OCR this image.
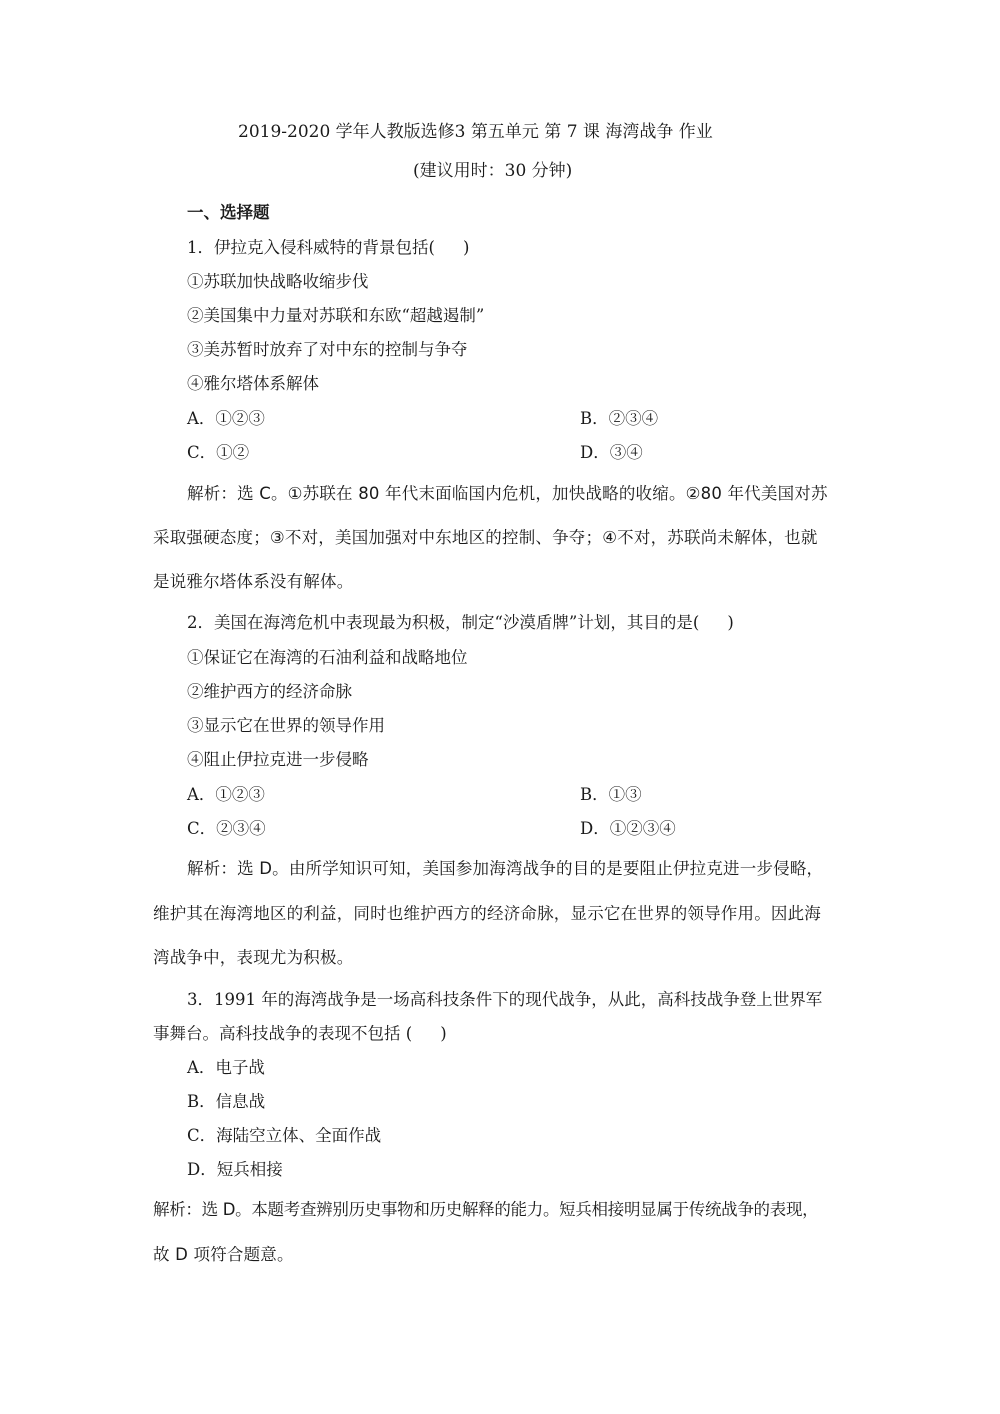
2019-2020 学年人教版选修3 第五单元 第 7 课 海湾战争 作业
(建议用时：30 分钟)
一、选择题
1．伊拉克入侵科威特的背景包括( )
①苏联加快战略收缩步伐
②美国集中力量对苏联和东欧“超越遏制”
③美苏暂时放弃了对中东的控制与争夺
④雅尔塔体系解体
A．①②③	B．②③④
C．①②	D．③④
解析：选 C。①苏联在 80 年代末面临国内危机，加快战略的收缩。②80 年代美国对苏
采取强硬态度；③不对，美国加强对中东地区的控制、争夺；④不对，苏联尚未解体，也就
是说雅尔塔体系没有解体。
2．美国在海湾危机中表现最为积极，制定“沙漠盾牌”计划，其目的是( )
①保证它在海湾的石油利益和战略地位
②维护西方的经济命脉
③显示它在世界的领导作用
④阻止伊拉克进一步侵略
A．①②③	B．①③
C．②③④	D．①②③④
解析：选 D。由所学知识可知，美国参加海湾战争的目的是要阻止伊拉克进一步侵略，
维护其在海湾地区的利益，同时也维护西方的经济命脉，显示它在世界的领导作用。因此海
湾战争中，表现尤为积极。
3．1991 年的海湾战争是一场高科技条件下的现代战争，从此，高科技战争登上世界军
事舞台。高科技战争的表现不包括 ( )
A．电子战
B．信息战
C．海陆空立体、全面作战
D．短兵相接
解析：选 D。本题考查辨别历史事物和历史解释的能力。短兵相接明显属于传统战争的表现，
故 D 项符合题意。
